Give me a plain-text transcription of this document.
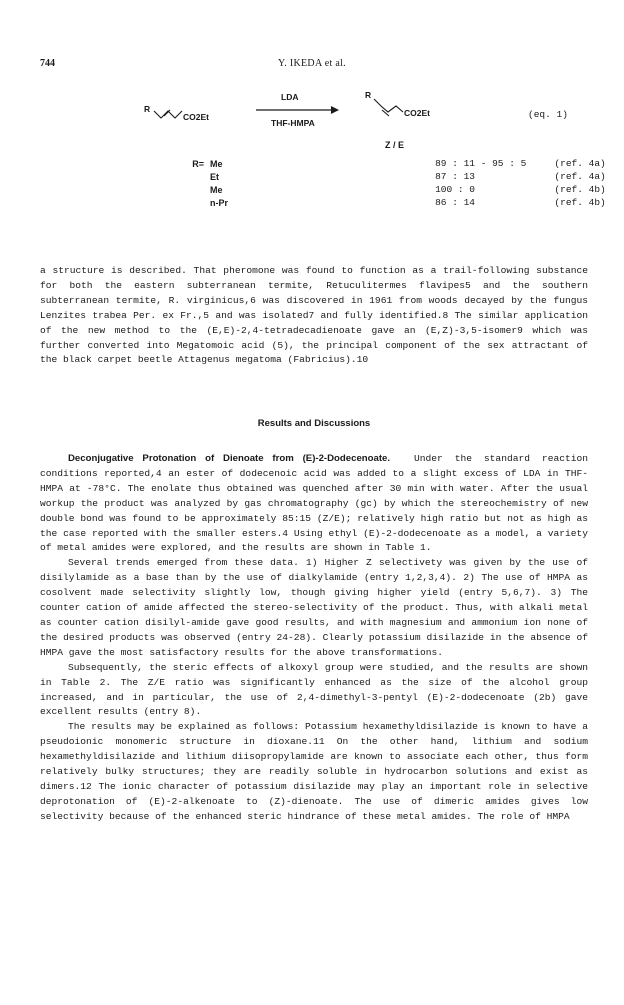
744	Y. IKEDA et al.
R
CO2Et
LDA
THF-HMPA
R
CO2Et	(eq. 1)
Z / E
R=	Me	89 : 11 - 95 : 5	(ref. 4a)
	Et	87 : 13	(ref. 4a)
	Me	100 : 0	(ref. 4b)
	n-Pr	86 : 14	(ref. 4b)

a structure is described. That pheromone was found to function as a trail-following substance for both the eastern subterranean termite, Retuculitermes flavipes5 and the southern subterranean termite, R. virginicus,6 was discovered in 1961 from woods decayed by the fungus Lenzites trabea Per. ex Fr.,5 and was isolated7 and fully identified.8 The similar application of the new method to the (E,E)-2,4-tetradecadienoate gave an (E,Z)-3,5-isomer9 which was further converted into Megatomoic acid (5), the principal component of the sex attractant of the black carpet beetle Attagenus megatoma (Fabricius).10

Results and Discussions

Deconjugative Protonation of Dienoate from (E)-2-Dodecenoate. Under the standard reaction conditions reported,4 an ester of dodecenoic acid was added to a slight excess of LDA in THF-HMPA at -78°C. The enolate thus obtained was quenched after 30 min with water. After the usual workup the product was analyzed by gas chromatography (gc) by which the stereochemistry of new double bond was found to be approximately 85:15 (Z/E); relatively high ratio but not as high as the case reported with the smaller esters.4 Using ethyl (E)-2-dodecenoate as a model, a variety of metal amides were explored, and the results are shown in Table 1.

Several trends emerged from these data. 1) Higher Z selectivety was given by the use of disilylamide as a base than by the use of dialkylamide (entry 1,2,3,4). 2) The use of HMPA as cosolvent made selectivity slightly low, though giving higher yield (entry 5,6,7). 3) The counter cation of amide affected the stereo-selectivity of the product. Thus, with alkali metal as counter cation disilyl-amide gave good results, and with magnesium and ammonium ion none of the desired products was observed (entry 24-28). Clearly potassium disilazide in the absence of HMPA gave the most satisfactory results for the above transformations.

Subsequently, the steric effects of alkoxyl group were studied, and the results are shown in Table 2. The Z/E ratio was significantly enhanced as the size of the alcohol group increased, and in particular, the use of 2,4-dimethyl-3-pentyl (E)-2-dodecenoate (2b) gave excellent results (entry 8).

The results may be explained as follows: Potassium hexamethyldisilazide is known to have a pseudoionic monomeric structure in dioxane.11 On the other hand, lithium and sodium hexamethyldisilazide and lithium diisopropylamide are known to associate each other, thus form relatively bulky structures; they are readily soluble in hydrocarbon solutions and exist as dimers.12 The ionic character of potassium disilazide may play an important role in selective deprotonation of (E)-2-alkenoate to (Z)-dienoate. The use of dimeric amides gives low selectivity because of the enhanced steric hindrance of these metal amides. The role of HMPA
